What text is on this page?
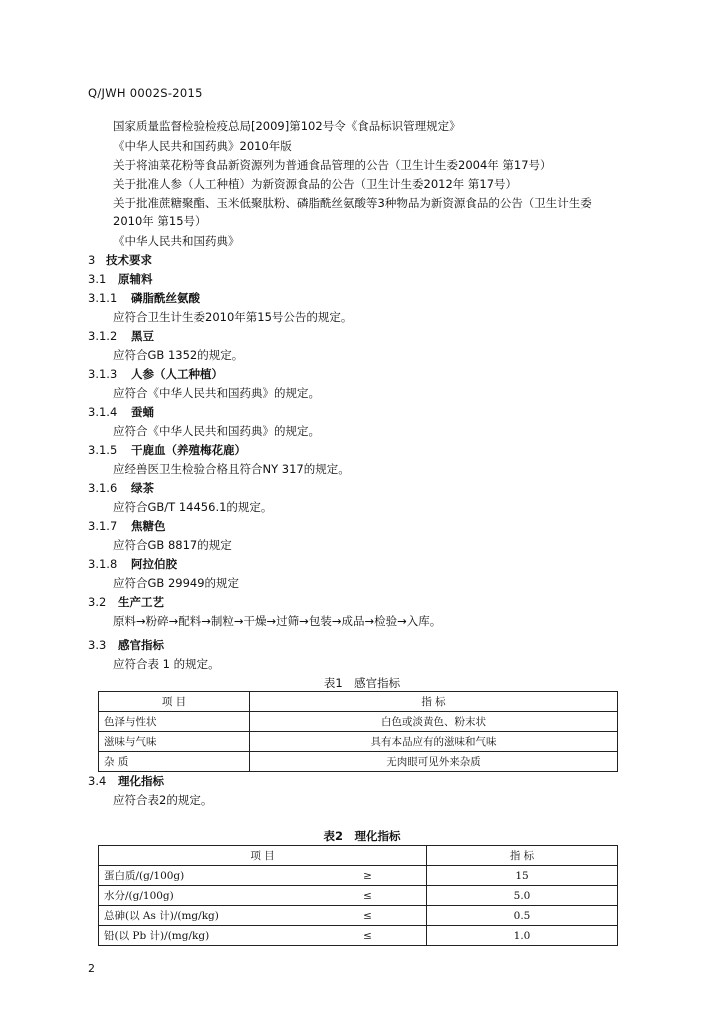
Q/JWH 0002S-2015
国家质量监督检验检疫总局[2009]第102号令《食品标识管理规定》
《中华人民共和国药典》2010年版
关于将油菜花粉等食品新资源列为普通食品管理的公告（卫生计生委2004年 第17号）
关于批准人参（人工种植）为新资源食品的公告（卫生计生委2012年 第17号）
关于批准蔗糖聚酯、玉米低聚肽粉、磷脂酰丝氨酸等3种物品为新资源食品的公告（卫生计生委
2010年 第15号）
《中华人民共和国药典》
3 技术要求
3.1 原辅料
3.1.1 磷脂酰丝氨酸
应符合卫生计生委2010年第15号公告的规定。
3.1.2 黑豆
应符合GB 1352的规定。
3.1.3 人参（人工种植）
应符合《中华人民共和国药典》的规定。
3.1.4 蚕蛹
应符合《中华人民共和国药典》的规定。
3.1.5 干鹿血（养殖梅花鹿）
应经兽医卫生检验合格且符合NY 317的规定。
3.1.6 绿茶
应符合GB/T 14456.1的规定。
3.1.7 焦糖色
应符合GB 8817的规定
3.1.8 阿拉伯胶
应符合GB 29949的规定
3.2 生产工艺
原料→粉碎→配料→制粒→干燥→过筛→包装→成品→检验→入库。
3.3 感官指标
应符合表 1 的规定。
表1　感官指标
项 目	指 标
色泽与性状	白色或淡黄色、粉末状
滋味与气味	具有本品应有的滋味和气味
杂 质	无肉眼可见外来杂质
3.4 理化指标
应符合表2的规定。
表2　理化指标
项 目		指 标
蛋白质/(g/100g)	≥	15
水分/(g/100g)	≤	5.0
总砷(以 As 计)/(mg/kg)	≤	0.5
铅(以 Pb 计)/(mg/kg)	≤	1.0
2
